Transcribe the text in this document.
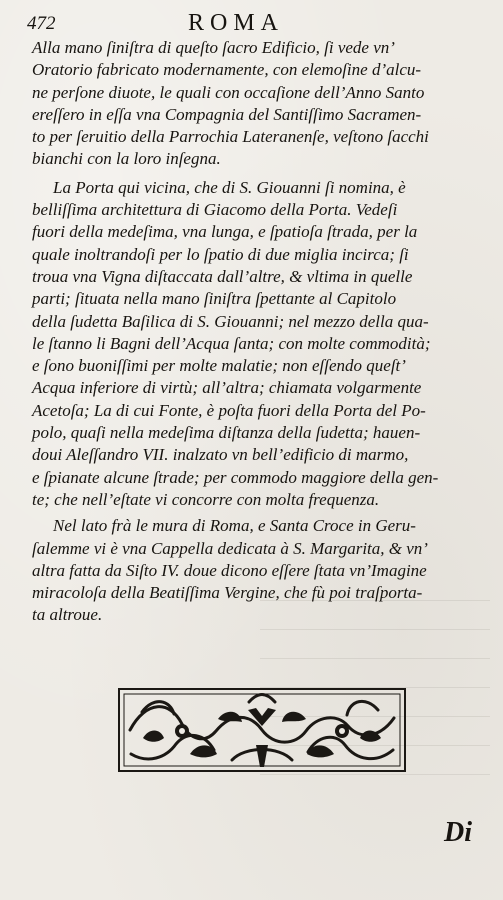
472	ROMA
Alla mano ſiniſtra di queſto ſacro Edificio, ſi vede vn’
Oratorio fabricato modernamente, con elemoſine d’alcu-
ne perſone diuote, le quali con occaſione dell’Anno Santo
ereſſero in eſſa vna Compagnia del Santiſſimo Sacramen-
to per ſeruitio della Parrochia Lateranenſe, veſtono ſacchi
bianchi con la loro inſegna.
La Porta qui vicina, che di S. Giouanni ſi nomina, è
belliſſima architettura di Giacomo della Porta. Vedeſi
fuori della medeſima, vna lunga, e ſpatioſa ſtrada, per la
quale inoltrandoſi per lo ſpatio di due miglia incirca; ſi
troua vna Vigna diſtaccata dall’altre, & vltima in quelle
parti; ſituata nella mano ſiniſtra ſpettante al Capitolo
della ſudetta Baſilica di S. Giouanni; nel mezzo della qua-
le ſtanno li Bagni dell’Acqua ſanta; con molte commodità;
e ſono buoniſſimi per molte malatie; non eſſendo queſt’
Acqua inferiore di virtù; all’altra; chiamata volgarmente
Acetoſa; La di cui Fonte, è poſta fuori della Porta del Po-
polo, quaſi nella medeſima diſtanza della ſudetta; hauen-
doui Aleſſandro VII. inalzato vn bell’edificio di marmo,
e ſpianate alcune ſtrade; per commodo maggiore della gen-
te; che nell’eſtate vi concorre con molta frequenza.
Nel lato frà le mura di Roma, e Santa Croce in Geru-
ſalemme vi è vna Cappella dedicata à S. Margarita, & vn’
altra fatta da Siſto IV. doue dicono eſſere ſtata vn’Imagine
miracoloſa della Beatiſſima Vergine, che fù poi traſporta-
ta altroue.
Di
